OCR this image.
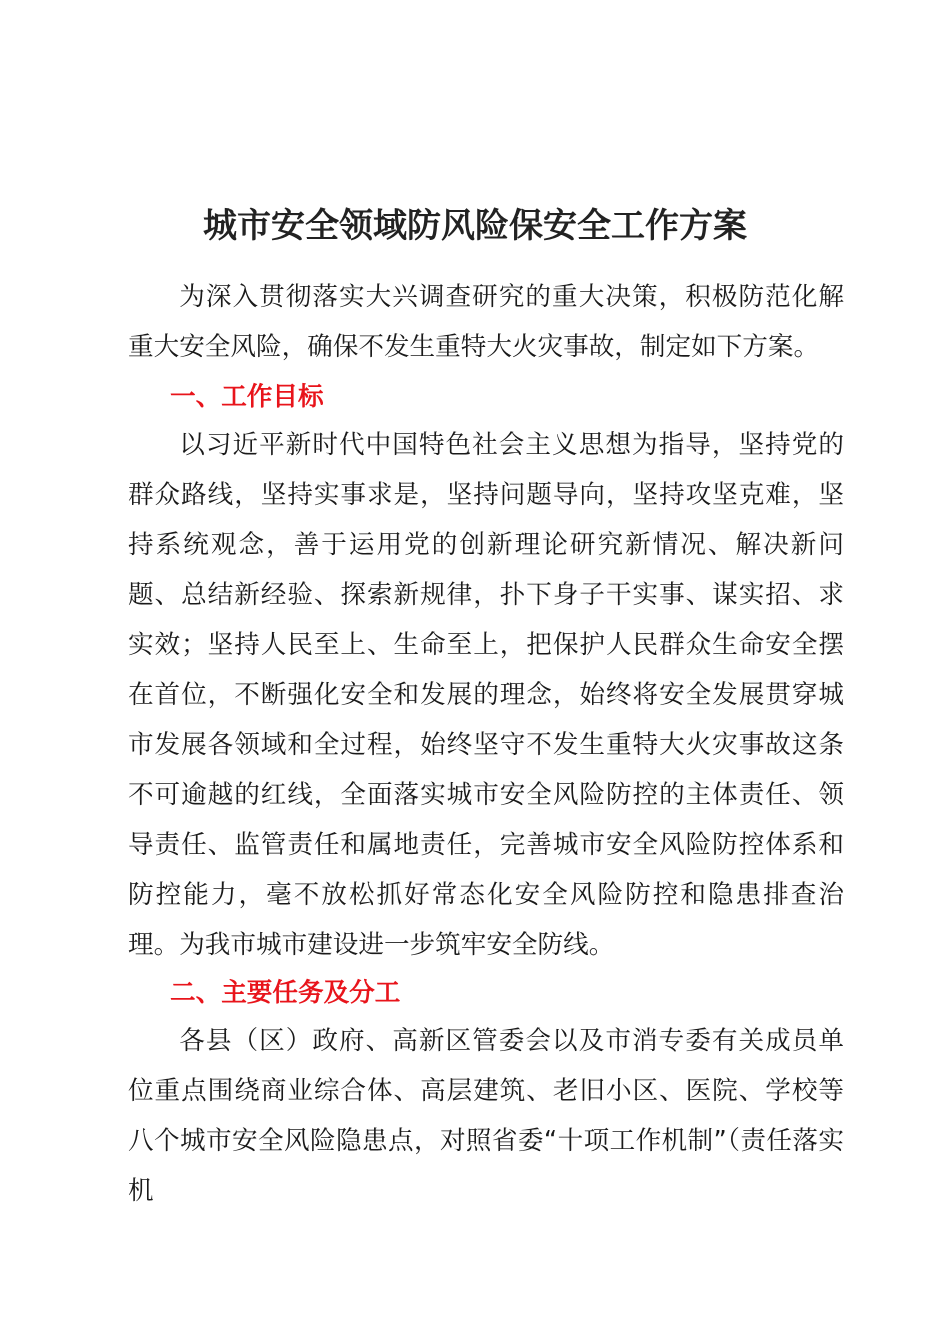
城市安全领域防风险保安全工作方案

为深入贯彻落实大兴调查研究的重大决策，积极防范化解重大安全风险，确保不发生重特大火灾事故，制定如下方案。

一、工作目标

以习近平新时代中国特色社会主义思想为指导，坚持党的群众路线，坚持实事求是，坚持问题导向，坚持攻坚克难，坚持系统观念，善于运用党的创新理论研究新情况、解决新问题、总结新经验、探索新规律，扑下身子干实事、谋实招、求实效；坚持人民至上、生命至上，把保护人民群众生命安全摆在首位，不断强化安全和发展的理念，始终将安全发展贯穿城市发展各领域和全过程，始终坚守不发生重特大火灾事故这条不可逾越的红线，全面落实城市安全风险防控的主体责任、领导责任、监管责任和属地责任，完善城市安全风险防控体系和防控能力，毫不放松抓好常态化安全风险防控和隐患排查治理。为我市城市建设进一步筑牢安全防线。

二、主要任务及分工

各县（区）政府、高新区管委会以及市消专委有关成员单位重点围绕商业综合体、高层建筑、老旧小区、医院、学校等八个城市安全风险隐患点，对照省委“十项工作机制”（责任落实机
